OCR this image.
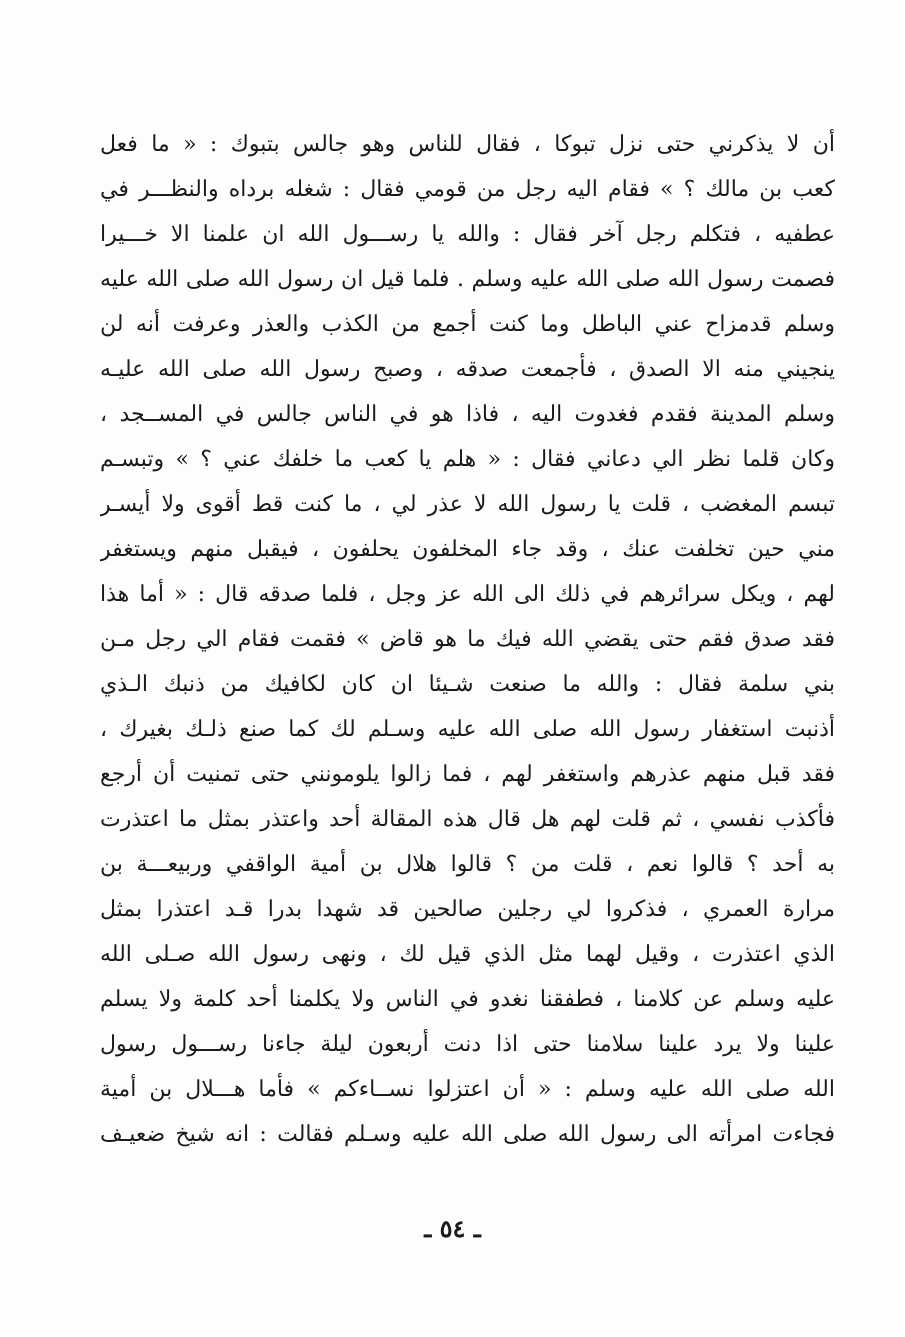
أن لا يذكرني حتى نزل تبوكا ، فقال للناس وهو جالس بتبوك : « ما فعل
كعب بن مالك ؟ » فقام اليه رجل من قومي فقال : شغله برداه والنظـــر في
عطفيه ، فتكلم رجل آخر فقال : والله يا رســـول الله ان علمنا الا خـــيرا
فصمت رسول الله صلى الله عليه وسلم . فلما قيل ان رسول الله صلى الله عليه
وسلم قدمزاح عني الباطل وما كنت أجمع من الكذب والعذر وعرفت أنه لن
ينجيني منه الا الصدق ، فأجمعت صدقه ، وصبح رسول الله صلى الله عليـه
وسلم المدينة فقدم فغدوت اليه ، فاذا هو في الناس جالس في المســجد ،
وكان قلما نظر الي دعاني فقال : « هلم يا كعب ما خلفك عني ؟ » وتبسـم
تبسم المغضب ، قلت يا رسول الله لا عذر لي ، ما كنت قط أقوى ولا أيسـر
مني حين تخلفت عنك ، وقد جاء المخلفون يحلفون ، فيقبل منهم ويستغفر
لهم ، ويكل سرائرهم في ذلك الى الله عز وجل ، فلما صدقه قال : « أما هذا
فقد صدق فقم حتى يقضي الله فيك ما هو قاض » فقمت فقام الي رجل مـن
بني سلمة فقال : والله ما صنعت شـيئا ان كان لكافيك من ذنبك الـذي
أذنبت استغفار رسول الله صلى الله عليه وسـلم لك كما صنع ذلـك بغيرك ،
فقد قبل منهم عذرهم واستغفر لهم ، فما زالوا يلومونني حتى تمنيت أن أرجع
فأكذب نفسي ، ثم قلت لهم هل قال هذه المقالة أحد واعتذر بمثل ما اعتذرت
به أحد ؟ قالوا نعم ، قلت من ؟ قالوا هلال بن أمية الواقفي وربيعـــة بن
مرارة العمري ، فذكروا لي رجلين صالحين قد شهدا بدرا قـد اعتذرا بمثل
الذي اعتذرت ، وقيل لهما مثل الذي قيل لك ، ونهى رسول الله صـلى الله
عليه وسلم عن كلامنا ، فطفقنا نغدو في الناس ولا يكلمنا أحد كلمة ولا يسلم
علينا ولا يرد علينا سلامنا حتى اذا دنت أربعون ليلة جاءنا رســـول رسول
الله صلى الله عليه وسلم : « أن اعتزلوا نســاءكم » فأما هـــلال بن أمية
فجاءت امرأته الى رسول الله صلى الله عليه وسـلم فقالت : انه شيخ ضعيـف
ـ ٥٤ ـ
